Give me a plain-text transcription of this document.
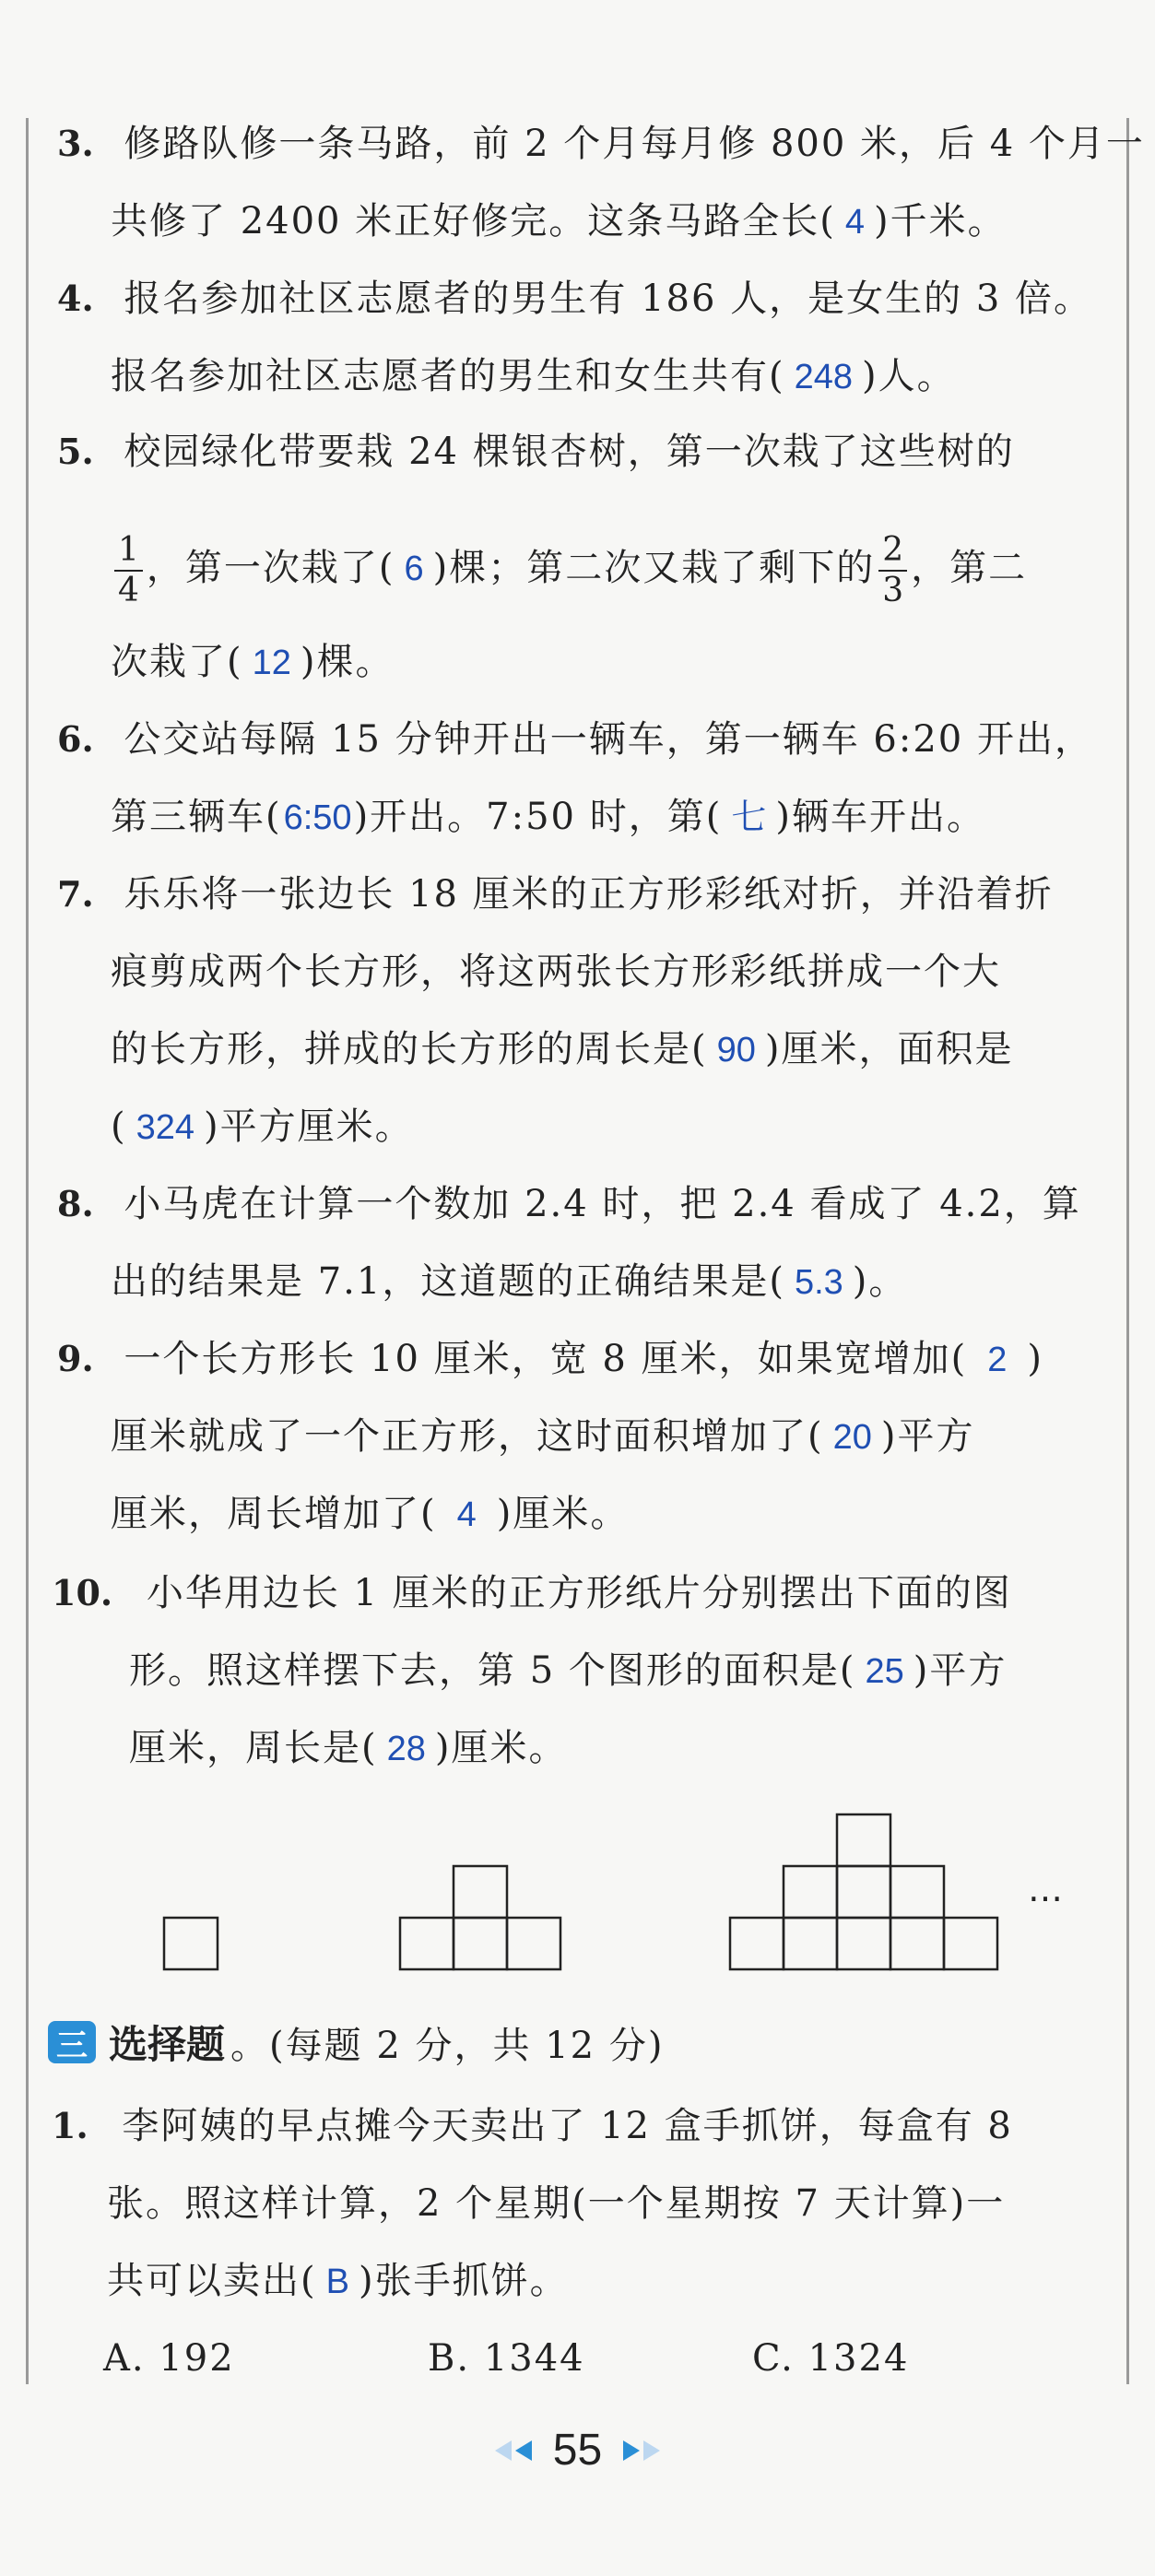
3. 修路队修一条马路，前 2 个月每月修 800 米，后 4 个月一
共修了 2400 米正好修完。这条马路全长( 4 )千米。
4. 报名参加社区志愿者的男生有 186 人，是女生的 3 倍。
报名参加社区志愿者的男生和女生共有( 248 )人。
5. 校园绿化带要栽 24 棵银杏树，第一次栽了这些树的
$\frac{1}{4}$ ，第一次栽了( 6 )棵；第二次又栽了剩下的 $\frac{2}{3}$ ，第二
次栽了( 12 )棵。
6. 公交站每隔 15 分钟开出一辆车，第一辆车 6:20 开出，
第三辆车(6:50)开出。7:50 时，第( 七 )辆车开出。
7. 乐乐将一张边长 18 厘米的正方形彩纸对折，并沿着折
痕剪成两个长方形，将这两张长方形彩纸拼成一个大
的长方形，拼成的长方形的周长是( 90 )厘米，面积是
( 324 )平方厘米。
8. 小马虎在计算一个数加 2.4 时，把 2.4 看成了 4.2，算
出的结果是 7.1，这道题的正确结果是( 5.3 )。
9. 一个长方形长 10 厘米，宽 8 厘米，如果宽增加( 2 )
厘米就成了一个正方形，这时面积增加了( 20 )平方
厘米，周长增加了( 4 )厘米。
10. 小华用边长 1 厘米的正方形纸片分别摆出下面的图
形。照这样摆下去，第 5 个图形的面积是( 25 )平方
厘米，周长是( 28 )厘米。
…
三 选择题 。(每题 2 分，共 12 分)
1. 李阿姨的早点摊今天卖出了 12 盒手抓饼，每盒有 8
张。照这样计算，2 个星期(一个星期按 7 天计算)一
共可以卖出( B )张手抓饼。
A. 192	B. 1344	C. 1324
55
